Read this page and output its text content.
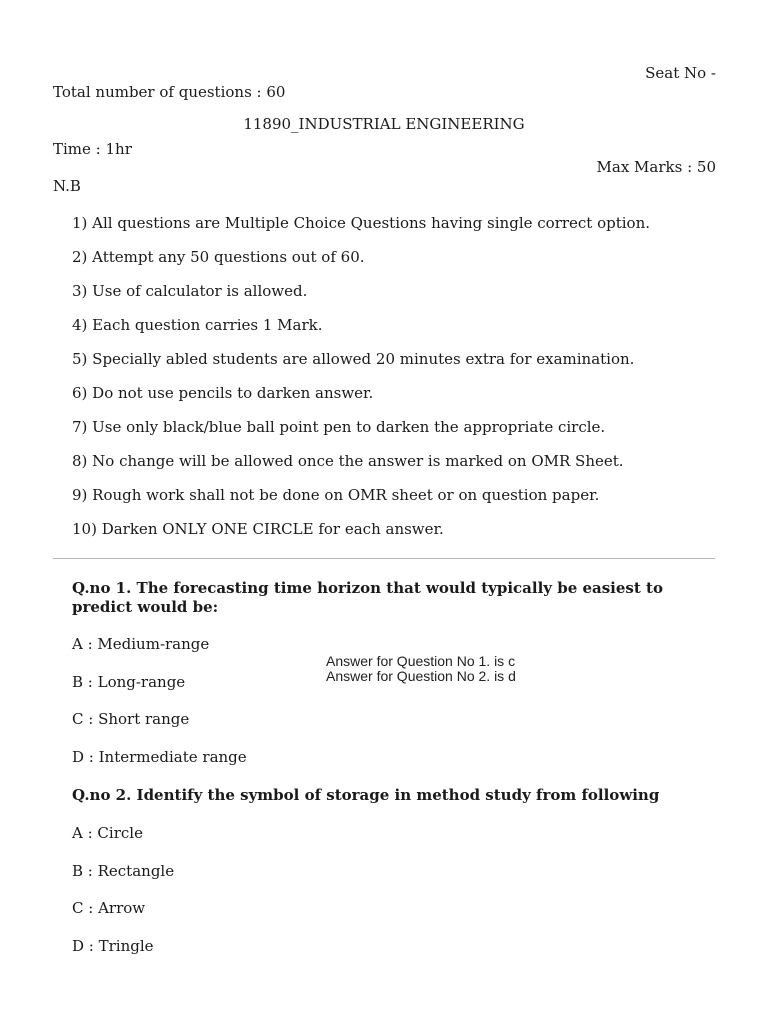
Seat No -
Total number of questions : 60
11890_INDUSTRIAL ENGINEERING
Time : 1hr
Max Marks : 50
N.B
1) All questions are Multiple Choice Questions having single correct option.
2) Attempt any 50 questions out of 60.
3) Use of calculator is allowed.
4) Each question carries 1 Mark.
5) Specially abled students are allowed 20 minutes extra for examination.
6) Do not use pencils to darken answer.
7) Use only black/blue ball point pen to darken the appropriate circle.
8) No change will be allowed once the answer is marked on OMR Sheet.
9) Rough work shall not be done on OMR sheet or on question paper.
10) Darken ONLY ONE CIRCLE for each answer.
Q.no 1. The forecasting time horizon that would typically be easiest to predict would be:
A : Medium-range
B : Long-range
C : Short range
D : Intermediate range
Answer for Question No 1. is c
Answer for Question No 2. is d
Q.no 2. Identify the symbol of storage in method study from following
A : Circle
B : Rectangle
C : Arrow
D : Tringle
